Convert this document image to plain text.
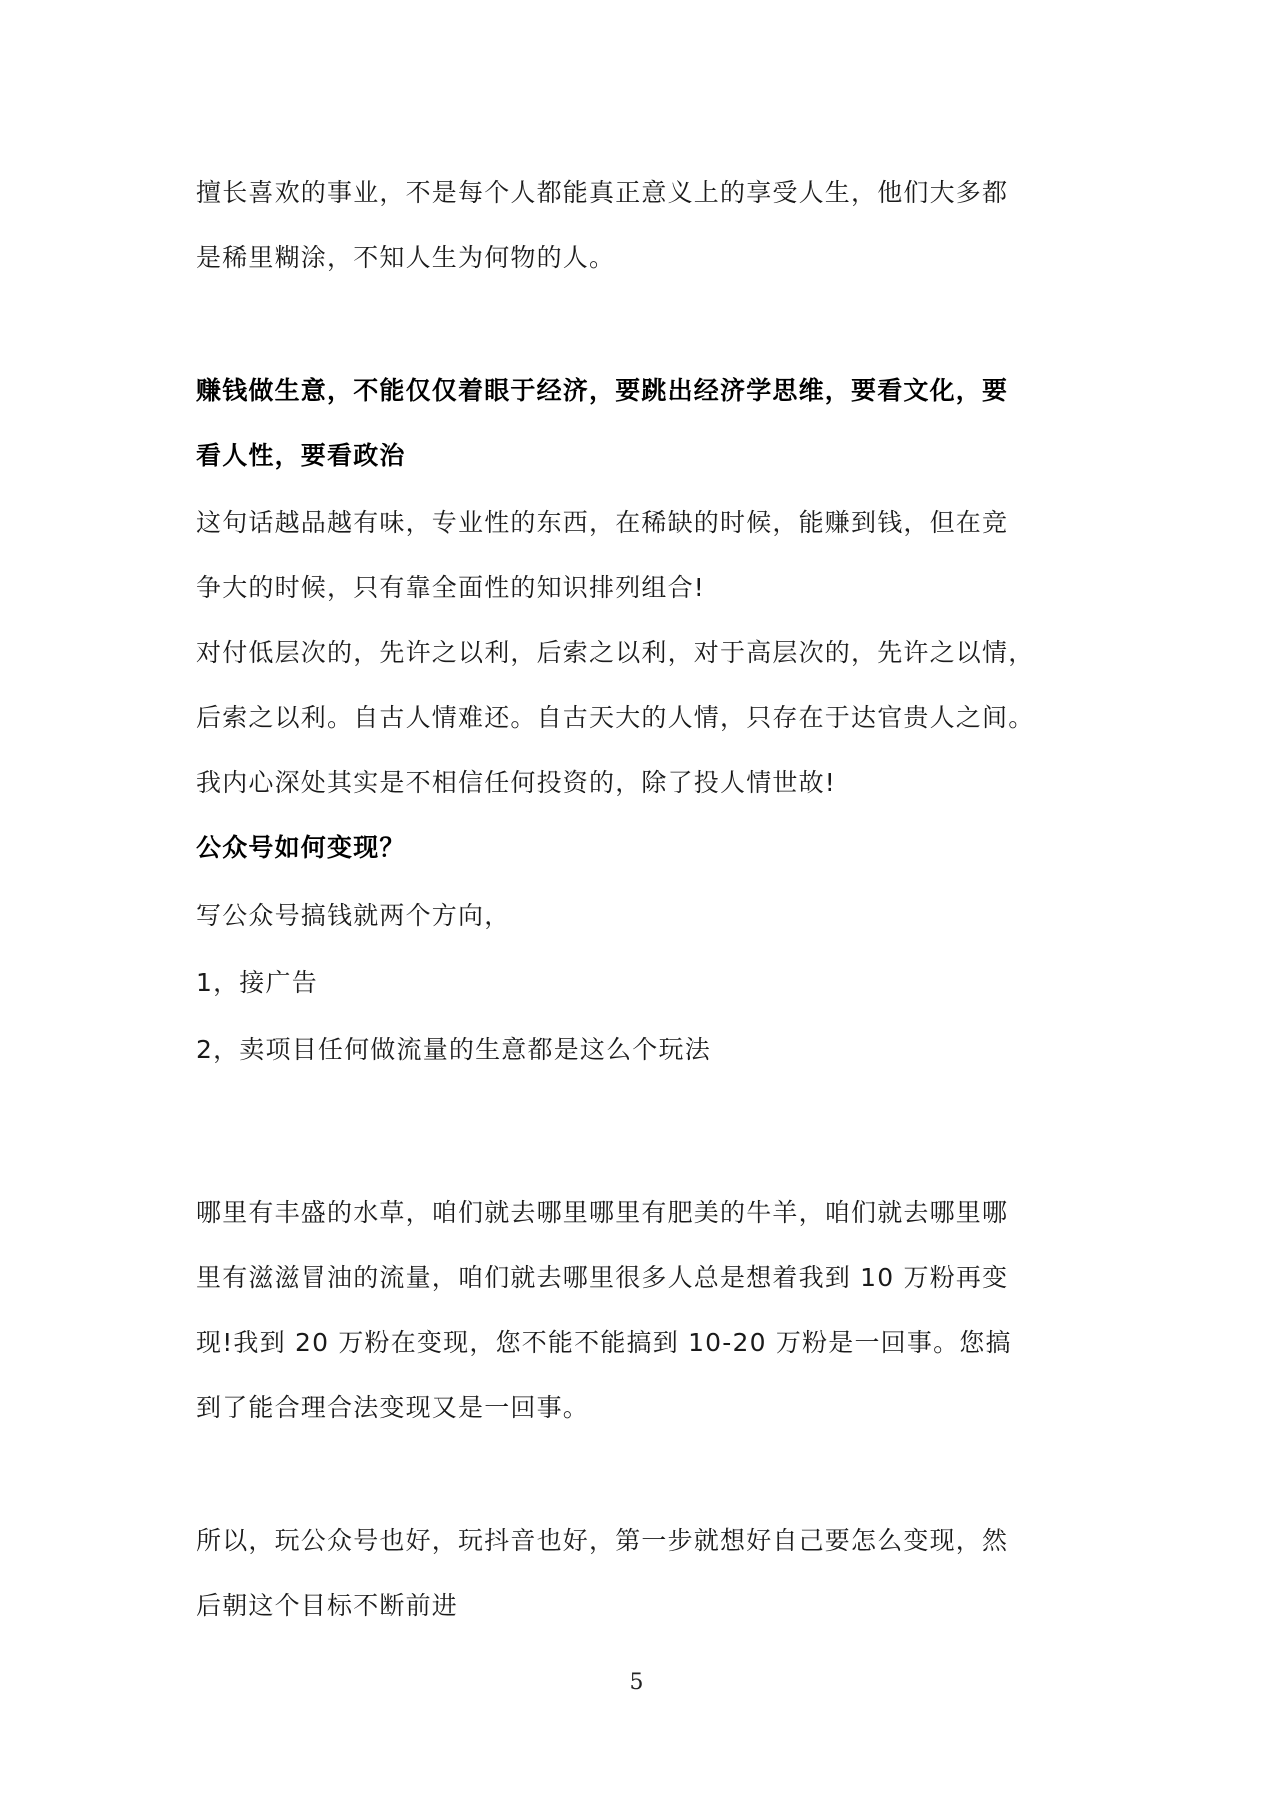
擅长喜欢的事业，不是每个人都能真正意义上的享受人生，他们大多都
是稀里糊涂，不知人生为何物的人。
赚钱做生意，不能仅仅着眼于经济，要跳出经济学思维，要看文化，要
看人性，要看政治
这句话越品越有味，专业性的东西，在稀缺的时候，能赚到钱，但在竞
争大的时候，只有靠全面性的知识排列组合!
对付低层次的，先许之以利，后索之以利，对于高层次的，先许之以情，
后索之以利。自古人情难还。自古天大的人情，只存在于达官贵人之间。
我内心深处其实是不相信任何投资的，除了投人情世故!
公众号如何变现？
写公众号搞钱就两个方向，
1，接广告
2，卖项目任何做流量的生意都是这么个玩法
哪里有丰盛的水草，咱们就去哪里哪里有肥美的牛羊，咱们就去哪里哪
里有滋滋冒油的流量，咱们就去哪里很多人总是想着我到 10 万粉再变
现!我到 20 万粉在变现，您不能不能搞到 10-20 万粉是一回事。您搞
到了能合理合法变现又是一回事。
所以，玩公众号也好，玩抖音也好，第一步就想好自己要怎么变现，然
后朝这个目标不断前进
5
